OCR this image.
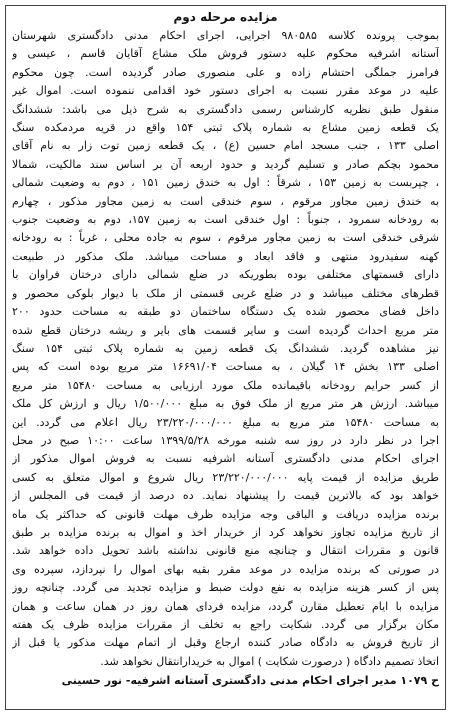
مزایده مرحله دوم
بموجب پرونده کلاسه ۹۸۰۵۸۵ اجرایی، اجرای احکام مدنی دادگستری شهرستان
آستانه اشرفیه محکوم علیه دستور فروش ملک مشاع آقایان قاسم ، عیسی و
فرامرز جملگی احتشام زاده و علی منصوری صادر گردیده است. چون محکوم
علیه در موعد مقرر نسبت به اجرای دستور خود اقدامی ننموده است. اموال غیر
منقول طبق نظریه کارشناس رسمی دادگستری به شرح ذیل می باشد: ششدانگ
یک قطعه زمین مشاع به شماره پلاک ثبتی ۱۵۴ واقع در قریه مردمکده سنگ
اصلی ۱۳۳ ، جنب مسجد امام حسین (ع) ، یک قطعه زمین توت زار به نام آقای
محمود بچکم صادر و تسلیم گردید و حدود اربعه آن بر اساس سند مالکیت، شمالا
، چپربست به زمین ۱۵۳ ، شرقاً : اول به خندق زمین ۱۵۱ ، دوم به وضعیت شمالی
به خندق زمین مجاور مرقوم ، سوم خندقی است به زمین مجاور مذکور ، چهارم
به رودخانه سمرود ، جنوباً : اول خندقی است به زمین ۱۵۷، دوم به وضعیت جنوب
شرقی خندقی است به زمین مجاور مرقوم ، سوم به جاده محلی ، غرباً : به رودخانه
کهنه سفیدرود منتهی و فاقد ابعاد و مساحت میباشد. ملک مذکور در طبیعت
دارای قسمتهای مختلفی بوده بطوریکه در ضلع شمالی دارای درختان فراوان با
قطرهای مختلف میباشد و در ضلع غربی قسمتی از ملک با دیوار بلوکی محصور و
داخل فضای محصور شده یک دستگاه ساختمان دو طبقه به مساحت حدود ۲۰۰
متر مربع احداث گردیده است و سایر قسمت های بایر و ریشه درختان قطع شده
نیز مشاهده گردید. ششدانگ یک قطعه زمین به شماره پلاک ثبتی ۱۵۴ سنگ
اصلی ۱۳۳ بخش ۱۴ گیلان ، به مساحت ۱۶۶۹۱/۰۴ متر مربع بوده است که پس
از کسر حرایم رودخانه باقیمانده ملک مورد ارزیابی به مساحت ۱۵۴۸۰ متر مربع
میباشد. ارزش هر متر مربع از ملک فوق به مبلغ ۱/۵۰۰/۰۰۰ ریال و ارزش کل ملک
به مساحت ۱۵۴۸۰ متر مربع به مبلغ ۲۳/۲۲۰/۰۰۰/۰۰۰ ریال اعلام می گردد. این
اجرا در نظر دارد در روز سه شنبه مورخه ۱۳۹۹/۵/۲۸ ساعت ۱۰:۰۰ صبح در محل
اجرای احکام مدنی دادگستری آستانه اشرفیه نسبت به فروش اموال مذکور از
طریق مزایده از قیمت پایه ۲۳/۲۲۰/۰۰۰/۰۰۰ ریال شروع و اموال متعلق به کسی
خواهد بود که بالاترین قیمت را پیشنهاد نماید. ده درصد از قیمت فی المجلس از
برنده مزایده دریافت و الباقی وجه مزایده ظرف مهلت قانونی که حداکثر یک ماه
از تاریخ مزایده تجاوز نخواهد کرد از خریدار اخذ و اموال به برنده مزایده بر طبق
قانون و مقررات انتقال و چنانچه منع قانونی نداشته باشد تحویل داده خواهد شد.
در صورتی که برنده مزایده در موعد مقرر بقیه بهای اموال را نپردازد، سپرده وی
پس از کسر هزینه مزایده به نفع دولت ضبط و مزایده تجدید می گردد. چنانچه روز
مزایده با ایام تعطیل مقارن گردد، مزایده فردای همان روز در همان ساعت و همان
مکان برگزار می گردد. شکایت راجع به تخلف از مقررات مزایده ظرف یک هفته
از تاریخ فروش به دادگاه صادر کننده ارجاع وقبل از اتمام مهلت مذکور یا قبل از
اتخاذ تصمیم دادگاه ( درصورت شکایت ) اموال به خریدارانتقال نخواهد شد.
ح ۱۰۷۹ مدیر اجرای احکام مدنی دادگستری آستانه اشرفیه- نور حسینی
